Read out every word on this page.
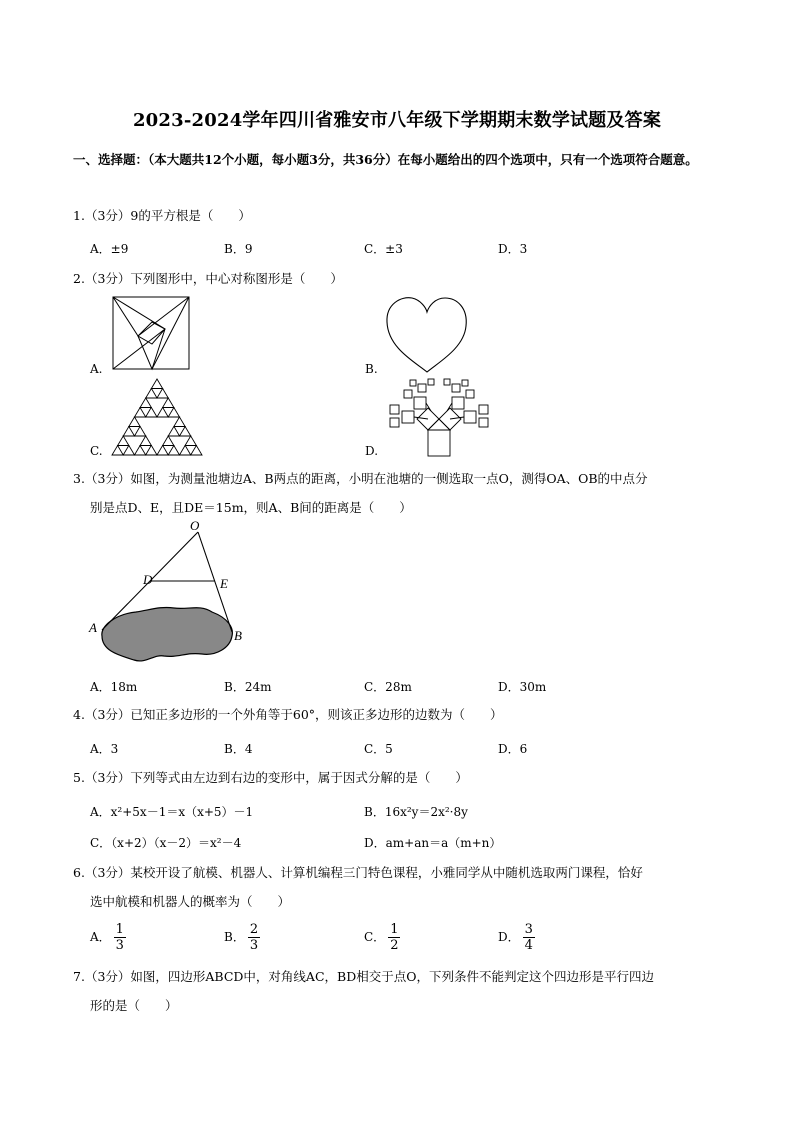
2023-2024学年四川省雅安市八年级下学期期末数学试题及答案
一、选择题：（本大题共12个小题，每小题3分，共36分）在每小题给出的四个选项中，只有一个选项符合题意。
1.（3分）9的平方根是（　　）
A．±9	B．9	C．±3	D．3
2.（3分）下列图形中，中心对称图形是（　　）
A.	B.
C.	D.
3.（3分）如图，为测量池塘边A、B两点的距离，小明在池塘的一侧选取一点O，测得OA、OB的中点分
别是点D、E，且DE＝15m，则A、B间的距离是（　　）
O
D	E
A
B
A．18m	B．24m	C．28m	D．30m
4.（3分）已知正多边形的一个外角等于60°，则该正多边形的边数为（　　）
A．3	B．4	C．5	D．6
5.（3分）下列等式由左边到右边的变形中，属于因式分解的是（　　）
A．x²+5x－1＝x（x+5）－1	B．16x²y＝2x²·8y
C．（x+2）（x－2）＝x²－4	D．am+an＝a（m+n）
6.（3分）某校开设了航模、机器人、计算机编程三门特色课程，小雅同学从中随机选取两门课程，恰好
选中航模和机器人的概率为（　　）
A． $\frac{1}{3}$	B． $\frac{2}{3}$	C． $\frac{1}{2}$	D． $\frac{3}{4}$
7.（3分）如图，四边形ABCD中，对角线AC，BD相交于点O，下列条件不能判定这个四边形是平行四边
形的是（　　）
